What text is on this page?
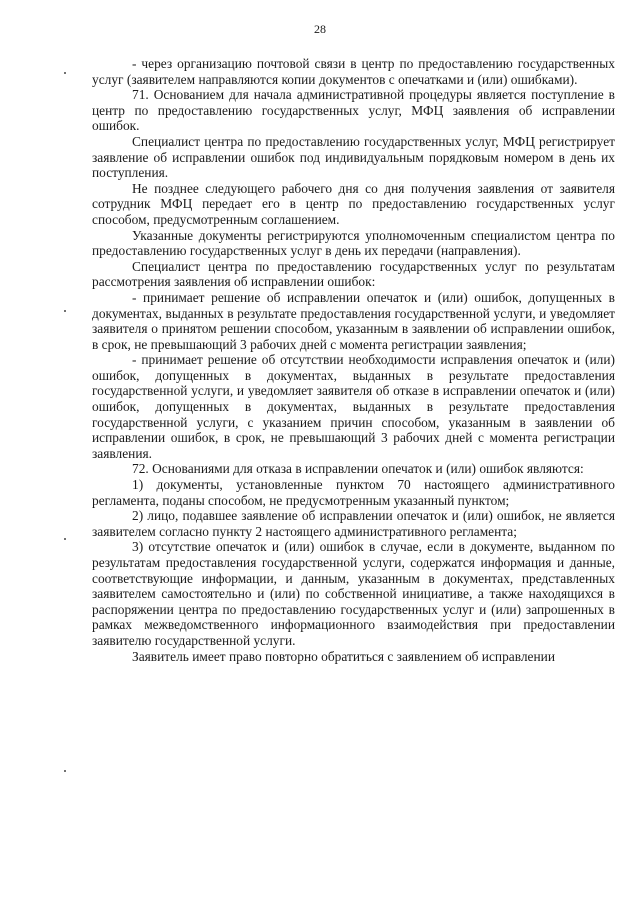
28

- через организацию почтовой связи в центр по предоставлению государственных услуг (заявителем направляются копии документов с опечатками и (или) ошибками).

71. Основанием для начала административной процедуры является поступление в центр по предоставлению государственных услуг, МФЦ заявления об исправлении ошибок.

Специалист центра по предоставлению государственных услуг, МФЦ регистрирует заявление об исправлении ошибок под индивидуальным порядковым номером в день их поступления.

Не позднее следующего рабочего дня со дня получения заявления от заявителя сотрудник МФЦ передает его в центр по предоставлению государственных услуг способом, предусмотренным соглашением.

Указанные документы регистрируются уполномоченным специалистом центра по предоставлению государственных услуг в день их передачи (направления).

Специалист центра по предоставлению государственных услуг по результатам рассмотрения заявления об исправлении ошибок:

- принимает решение об исправлении опечаток и (или) ошибок, допущенных в документах, выданных в результате предоставления государственной услуги, и уведомляет заявителя о принятом решении способом, указанным в заявлении об исправлении ошибок, в срок, не превышающий 3 рабочих дней с момента регистрации заявления;

- принимает решение об отсутствии необходимости исправления опечаток и (или) ошибок, допущенных в документах, выданных в результате предоставления государственной услуги, и уведомляет заявителя об отказе в исправлении опечаток и (или) ошибок, допущенных в документах, выданных в результате предоставления государственной услуги, с указанием причин способом, указанным в заявлении об исправлении ошибок, в срок, не превышающий 3 рабочих дней с момента регистрации заявления.

72. Основаниями для отказа в исправлении опечаток и (или) ошибок являются:

1) документы, установленные пунктом 70 настоящего административного регламента, поданы способом, не предусмотренным указанный пунктом;

2) лицо, подавшее заявление об исправлении опечаток и (или) ошибок, не является заявителем согласно пункту 2 настоящего административного регламента;

3) отсутствие опечаток и (или) ошибок в случае, если в документе, выданном по результатам предоставления государственной услуги, содержатся информация и данные, соответствующие информации, и данным, указанным в документах, представленных заявителем самостоятельно и (или) по собственной инициативе, а также находящихся в распоряжении центра по предоставлению государственных услуг и (или) запрошенных в рамках межведомственного информационного взаимодействия при предоставлении заявителю государственной услуги.

Заявитель имеет право повторно обратиться с заявлением об исправлении
